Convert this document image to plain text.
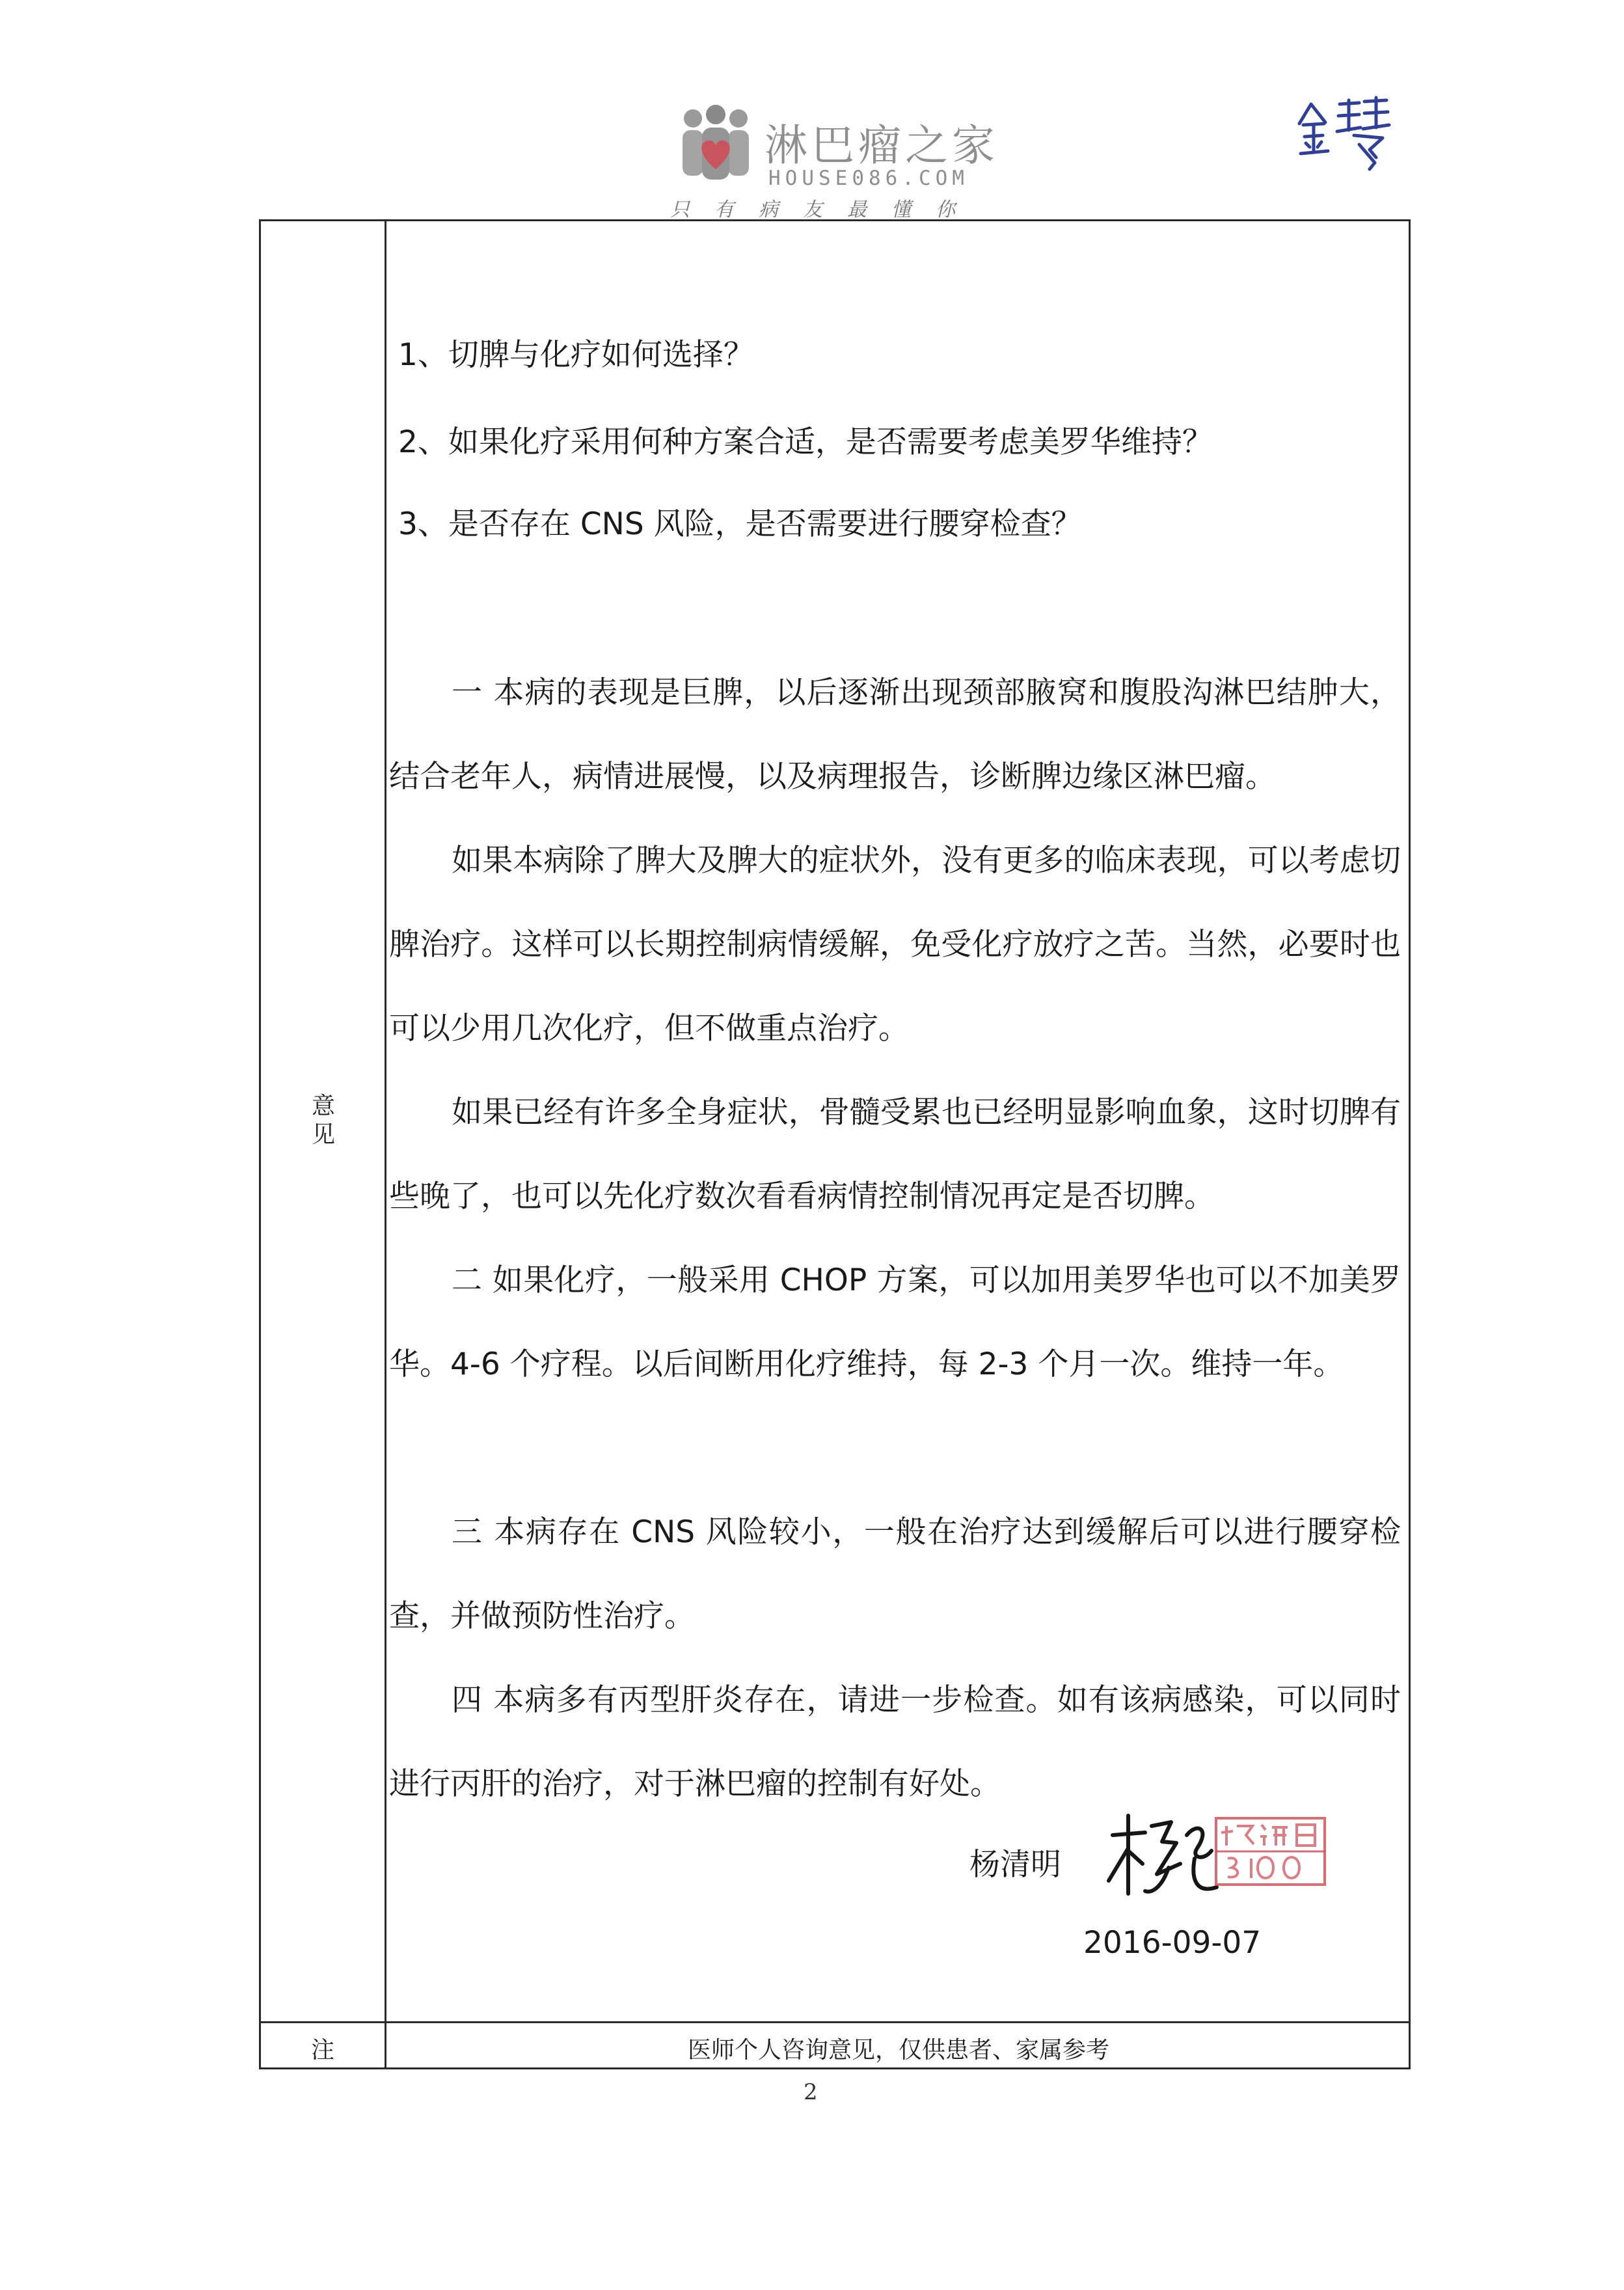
淋巴瘤之家
HOUSE086.COM
只有病友最懂你
意
见
注	医师个人咨询意见，仅供患者、家属参考
1、切脾与化疗如何选择？
2、如果化疗采用何种方案合适，是否需要考虑美罗华维持？
3、是否存在 CNS 风险，是否需要进行腰穿检查？
一 本病的表现是巨脾，以后逐渐出现颈部腋窝和腹股沟淋巴结肿大，结合老年人，病情进展慢，以及病理报告，诊断脾边缘区淋巴瘤。
如果本病除了脾大及脾大的症状外，没有更多的临床表现，可以考虑切脾治疗。这样可以长期控制病情缓解，免受化疗放疗之苦。当然，必要时也可以少用几次化疗，但不做重点治疗。
如果已经有许多全身症状，骨髓受累也已经明显影响血象，这时切脾有些晚了，也可以先化疗数次看看病情控制情况再定是否切脾。
二 如果化疗，一般采用 CHOP 方案，可以加用美罗华也可以不加美罗华。4-6 个疗程。以后间断用化疗维持，每 2-3 个月一次。维持一年。
三 本病存在 CNS 风险较小，一般在治疗达到缓解后可以进行腰穿检查，并做预防性治疗。
四 本病多有丙型肝炎存在，请进一步检查。如有该病感染，可以同时进行丙肝的治疗，对于淋巴瘤的控制有好处。
杨清明
2016-09-07
2
